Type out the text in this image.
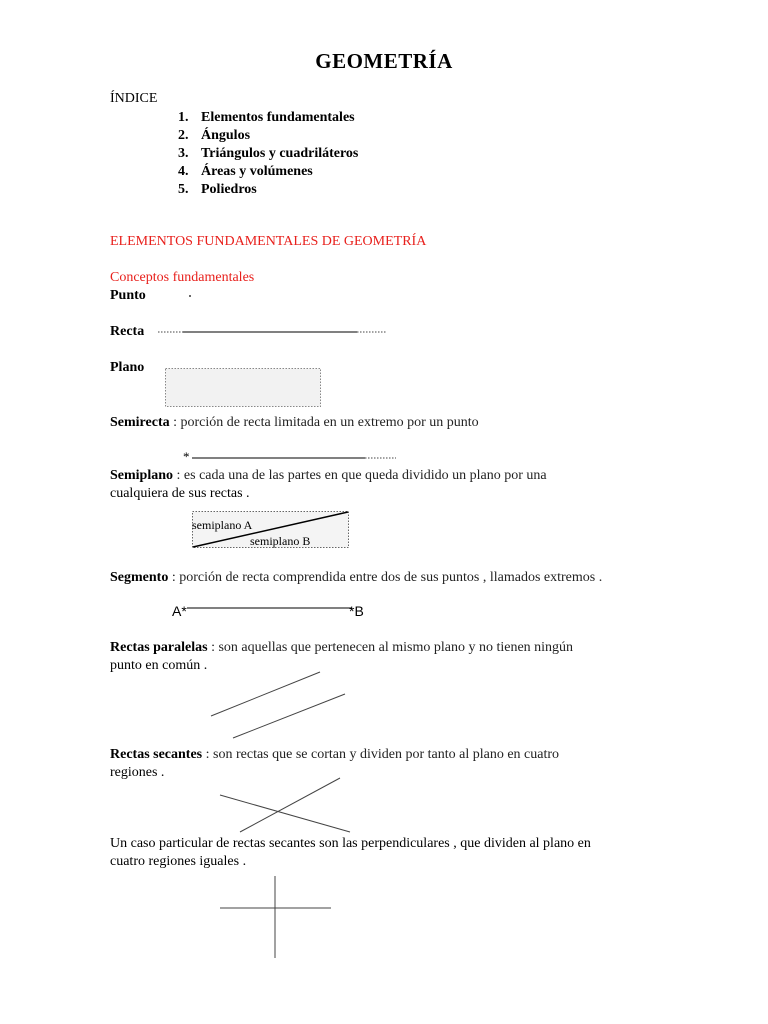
GEOMETRÍA
ÍNDICE
1. Elementos fundamentales
2. Ángulos
3. Triángulos y cuadriláteros
4. Áreas y volúmenes
5. Poliedros
ELEMENTOS FUNDAMENTALES DE GEOMETRÍA
Conceptos fundamentales
Punto
Recta
Plano
Semirecta : porción de recta limitada en un extremo por un punto
*
Semiplano : es cada una de las partes en que queda dividido un plano por una
cualquiera de sus rectas .
semiplano A
semiplano B
Segmento : porción de recta comprendida entre dos de sus puntos , llamados extremos .
A*	*B
Rectas paralelas : son aquellas que pertenecen al mismo plano y no tienen ningún
punto en común .
Rectas secantes : son rectas que se cortan y dividen por tanto al plano en cuatro
regiones .
Un caso particular de rectas secantes son las perpendiculares , que dividen al plano en
cuatro regiones iguales .
